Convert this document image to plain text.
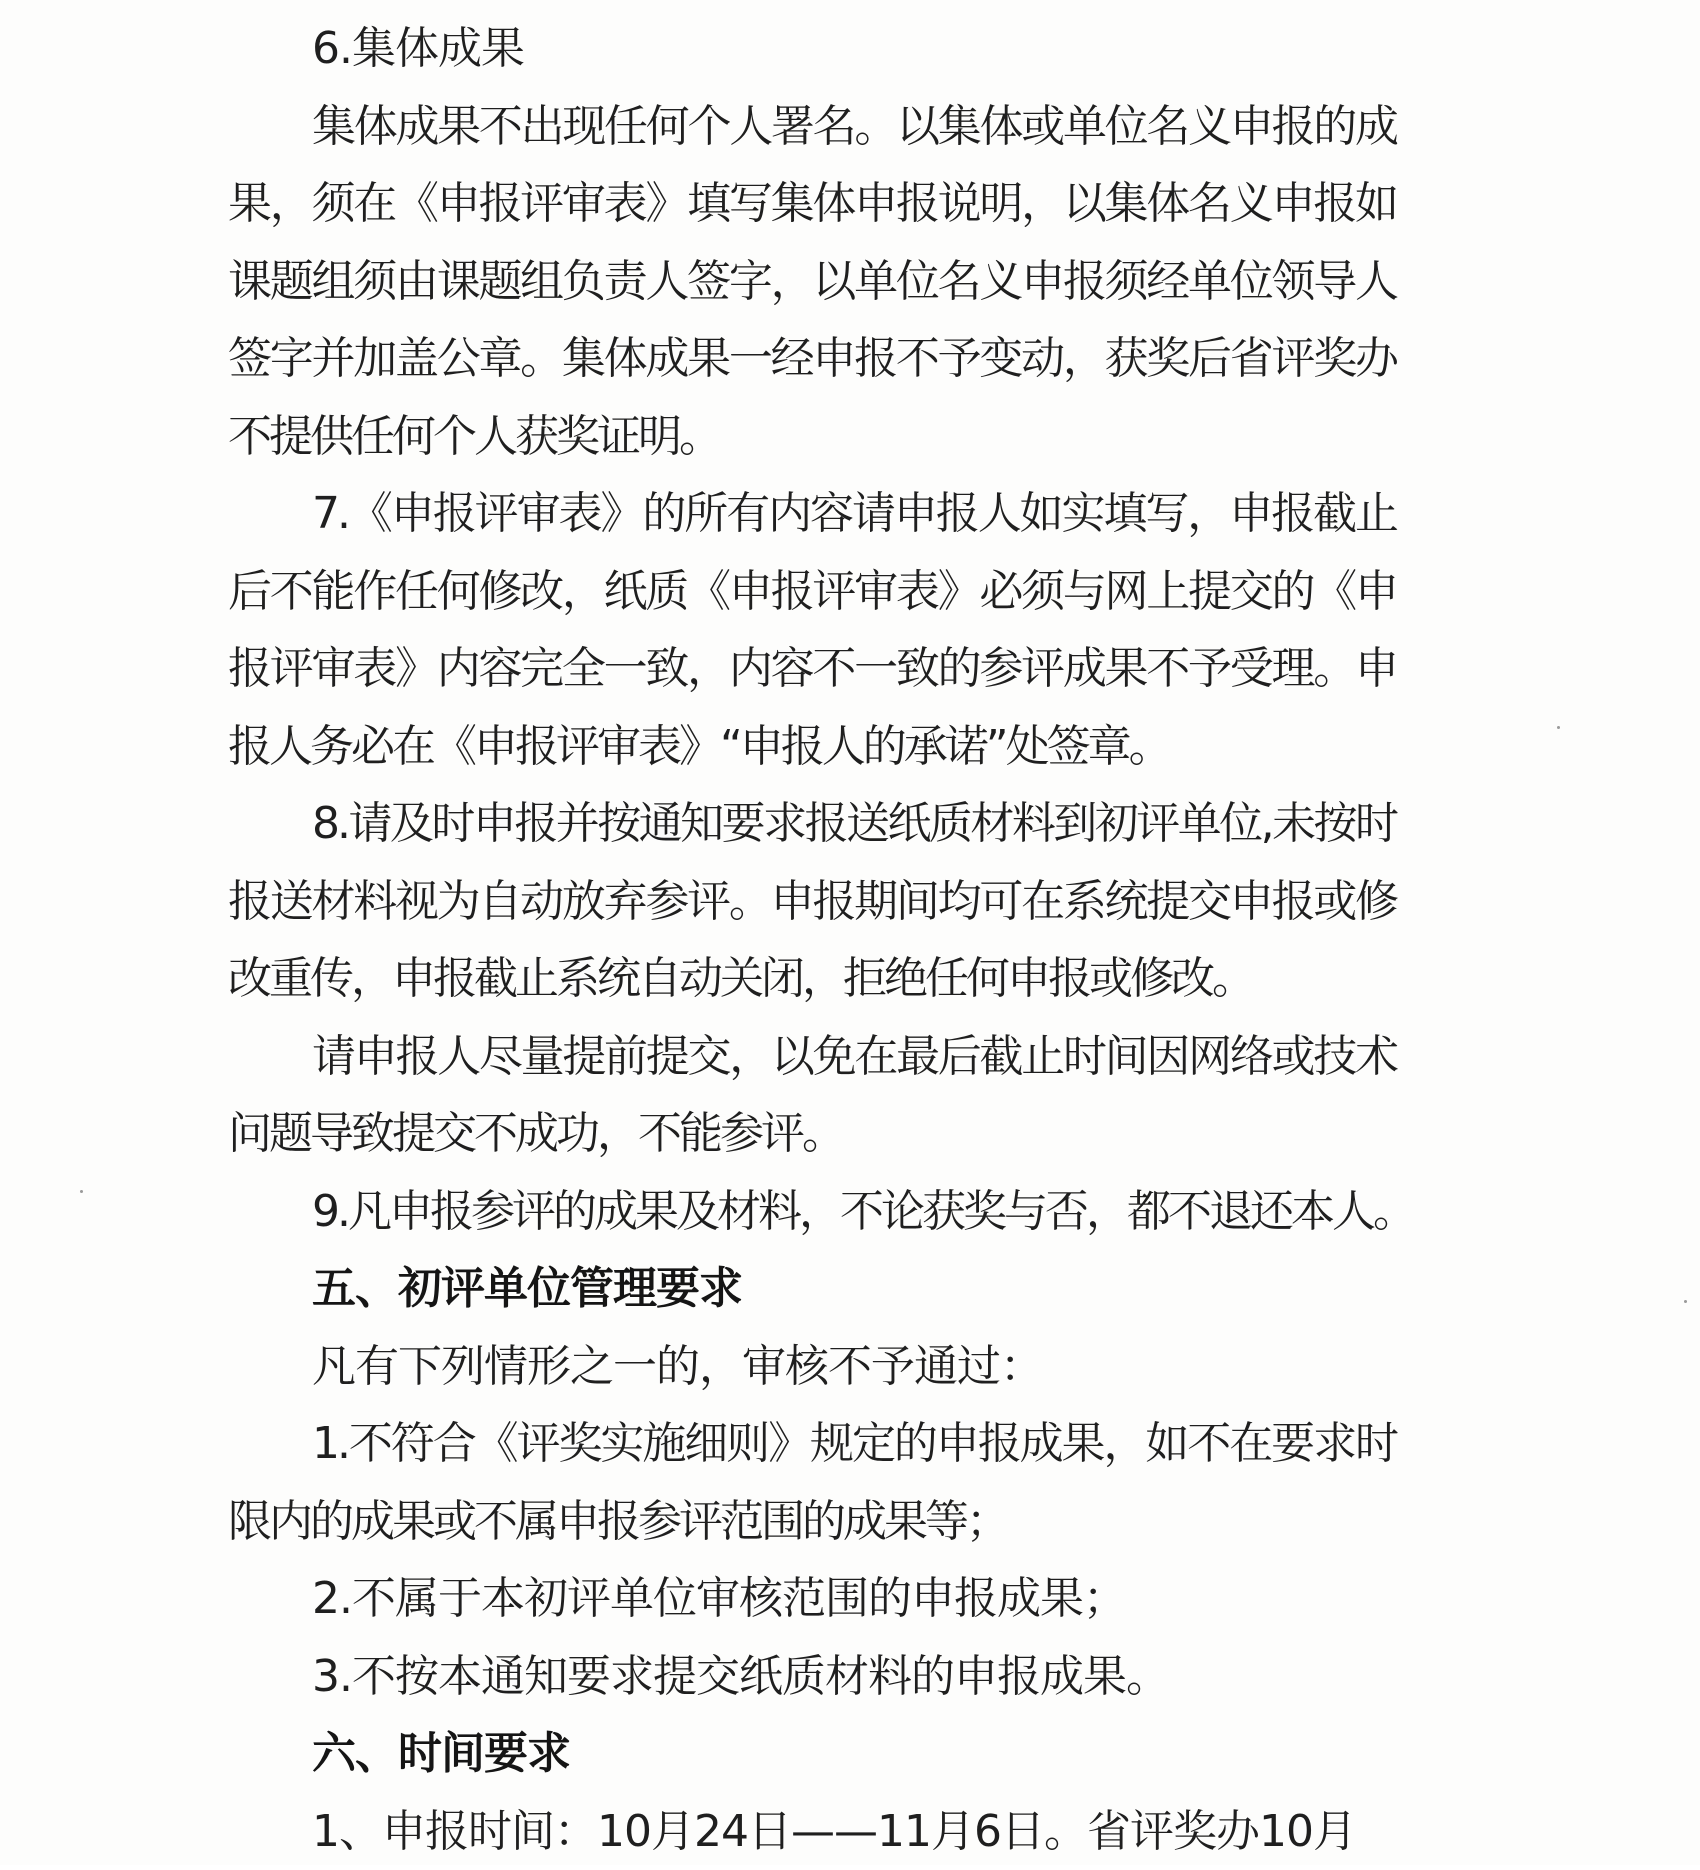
6.集体成果

集体成果不出现任何个人署名。以集体或单位名义申报的成果，须在《申报评审表》填写集体申报说明，以集体名义申报如课题组须由课题组负责人签字，以单位名义申报须经单位领导人签字并加盖公章。集体成果一经申报不予变动，获奖后省评奖办不提供任何个人获奖证明。

7.《申报评审表》的所有内容请申报人如实填写，申报截止后不能作任何修改，纸质《申报评审表》必须与网上提交的《申报评审表》内容完全一致，内容不一致的参评成果不予受理。申报人务必在《申报评审表》“申报人的承诺”处签章。

8.请及时申报并按通知要求报送纸质材料到初评单位,未按时报送材料视为自动放弃参评。申报期间均可在系统提交申报或修改重传，申报截止系统自动关闭，拒绝任何申报或修改。

请申报人尽量提前提交，以免在最后截止时间因网络或技术问题导致提交不成功，不能参评。

9.凡申报参评的成果及材料，不论获奖与否，都不退还本人。

五、初评单位管理要求

凡有下列情形之一的，审核不予通过：

1.不符合《评奖实施细则》规定的申报成果，如不在要求时限内的成果或不属申报参评范围的成果等；

2.不属于本初评单位审核范围的申报成果；

3.不按本通知要求提交纸质材料的申报成果。

六、时间要求

1、申报时间：10月24日——11月6日。省评奖办10月
